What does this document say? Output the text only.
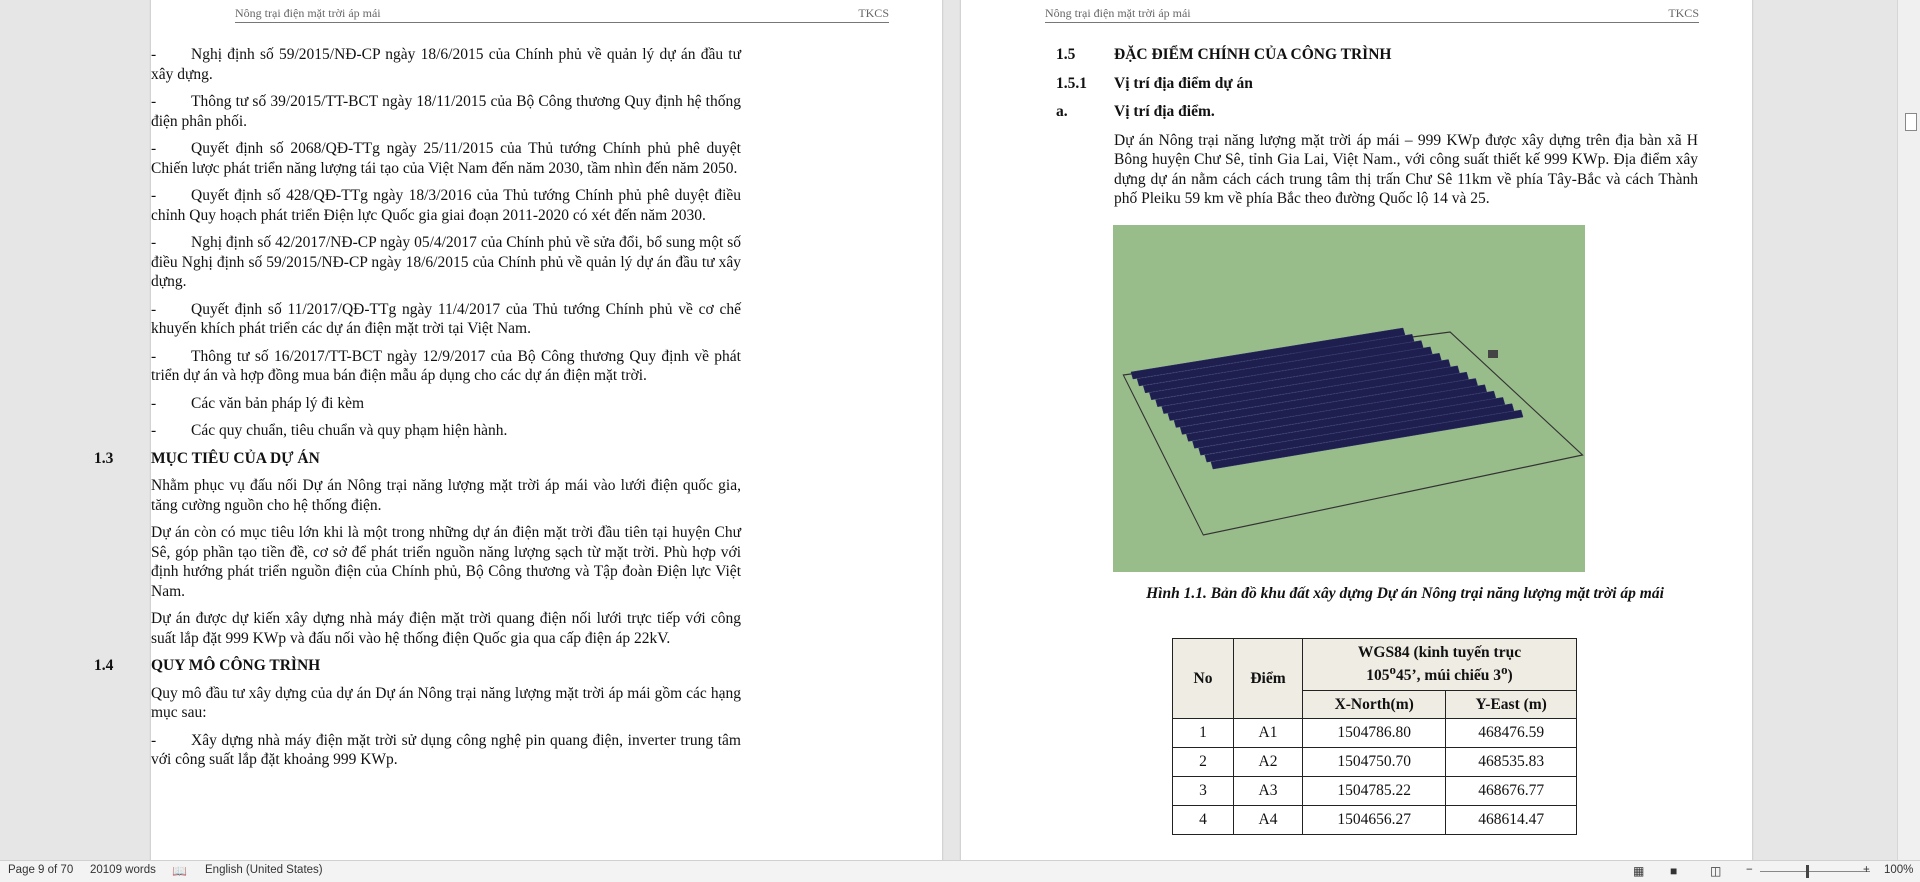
Nông trại điện mặt trời áp mái	TKCS
- Nghị định số 59/2015/NĐ-CP ngày 18/6/2015 của Chính phủ về quản lý dự án đầu tư xây dựng.
- Thông tư số 39/2015/TT-BCT ngày 18/11/2015 của Bộ Công thương Quy định hệ thống điện phân phối.
- Quyết định số 2068/QĐ-TTg ngày 25/11/2015 của Thủ tướng Chính phủ phê duyệt Chiến lược phát triển năng lượng tái tạo của Việt Nam đến năm 2030, tầm nhìn đến năm 2050.
- Quyết định số 428/QĐ-TTg ngày 18/3/2016 của Thủ tướng Chính phủ phê duyệt điều chỉnh Quy hoạch phát triển Điện lực Quốc gia giai đoạn 2011-2020 có xét đến năm 2030.
- Nghị định số 42/2017/NĐ-CP ngày 05/4/2017 của Chính phủ về sửa đổi, bổ sung một số điều Nghị định số 59/2015/NĐ-CP ngày 18/6/2015 của Chính phủ về quản lý dự án đầu tư xây dựng.
- Quyết định số 11/2017/QĐ-TTg ngày 11/4/2017 của Thủ tướng Chính phủ về cơ chế khuyến khích phát triển các dự án điện mặt trời tại Việt Nam.
- Thông tư số 16/2017/TT-BCT ngày 12/9/2017 của Bộ Công thương Quy định về phát triển dự án và hợp đồng mua bán điện mẫu áp dụng cho các dự án điện mặt trời.
- Các văn bản pháp lý đi kèm
- Các quy chuẩn, tiêu chuẩn và quy phạm hiện hành.
1.3 MỤC TIÊU CỦA DỰ ÁN

Nhằm phục vụ đấu nối Dự án Nông trại năng lượng mặt trời áp mái vào lưới điện quốc gia, tăng cường nguồn cho hệ thống điện.

Dự án còn có mục tiêu lớn khi là một trong những dự án điện mặt trời đầu tiên tại huyện Chư Sê, góp phần tạo tiền đề, cơ sở để phát triển nguồn năng lượng sạch từ mặt trời. Phù hợp với định hướng phát triển nguồn điện của Chính phủ, Bộ Công thương và Tập đoàn Điện lực Việt Nam.

Dự án được dự kiến xây dựng nhà máy điện mặt trời quang điện nối lưới trực tiếp với công suất lắp đặt 999 KWp và đấu nối vào hệ thống điện Quốc gia qua cấp điện áp 22kV.

1.4 QUY MÔ CÔNG TRÌNH

Quy mô đầu tư xây dựng của dự án Dự án Nông trại năng lượng mặt trời áp mái gồm các hạng mục sau:

- Xây dựng nhà máy điện mặt trời sử dụng công nghệ pin quang điện, inverter trung tâm với công suất lắp đặt khoảng 999 KWp.
Nông trại điện mặt trời áp mái	TKCS
1.5 ĐẶC ĐIỂM CHÍNH CỦA CÔNG TRÌNH
1.5.1 Vị trí địa điểm dự án
a.	Vị trí địa điểm.

Dự án Nông trại năng lượng mặt trời áp mái – 999 KWp được xây dựng trên địa bàn xã H Bông huyện Chư Sê, tỉnh Gia Lai, Việt Nam., với công suất thiết kế 999 KWp. Địa điểm xây dựng dự án nằm cách cách trung tâm thị trấn Chư Sê 11km về phía Tây-Bắc và cách Thành phố Pleiku 59 km về phía Bắc theo đường Quốc lộ 14 và 25.

Hình 1.1. Bản đồ khu đất xây dựng Dự án Nông trại năng lượng mặt trời áp mái
No	Điểm	WGS84 (kinh tuyến trục
105$^o$45’, múi chiếu 3$^o$)	
		X-North(m)	Y-East (m)
1	A1	1504786.80	468476.59
2	A2	1504750.70	468535.83
3	A3	1504785.22	468676.77
4	A4	1504656.27	468614.47
Page 9 of 70 20109 words 📖 English (United States)	▦ ■	◫ −	+ 100%
